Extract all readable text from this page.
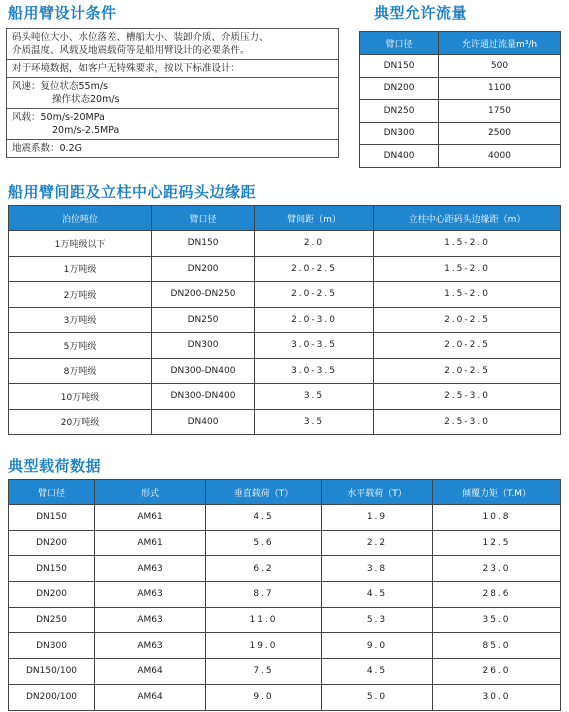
船用臂设计条件
码头吨位大小、水位落差、槽船大小、装卸介质、介质压力、
介质温度、风载及地震载荷等是船用臂设计的必要条件。
对于环境数据，如客户无特殊要求，按以下标准设计：
风速：复位状态55m/s
操作状态20m/s
风载：50m/s-20MPa
20m/s-2.5MPa
地震系数：0.2G
典型允许流量
臂口径	允许通过流量m³/h
DN150	500
DN200	1100
DN250	1750
DN300	2500
DN400	4000
船用臂间距及立柱中心距码头边缘距
泊位吨位	臂口径	臂间距（m）	立柱中心距码头边缘距（m）
1万吨级以下	DN150	2.0	1.5-2.0
1万吨级	DN200	2.0-2.5	1.5-2.0
2万吨级	DN200-DN250	2.0-2.5	1.5-2.0
3万吨级	DN250	2.0-3.0	2.0-2.5
5万吨级	DN300	3.0-3.5	2.0-2.5
8万吨级	DN300-DN400	3.0-3.5	2.0-2.5
10万吨级	DN300-DN400	3.5	2.5-3.0
20万吨级	DN400	3.5	2.5-3.0
典型载荷数据
臂口径	形式	垂直载荷（T）	水平载荷（T）	倾覆力矩（T.M）
DN150	AM61	4.5	1.9	10.8
DN200	AM61	5.6	2.2	12.5
DN150	AM63	6.2	3.8	23.0
DN200	AM63	8.7	4.5	28.6
DN250	AM63	11.0	5.3	35.0
DN300	AM63	19.0	9.0	85.0
DN150/100	AM64	7.5	4.5	26.0
DN200/100	AM64	9.0	5.0	30.0
